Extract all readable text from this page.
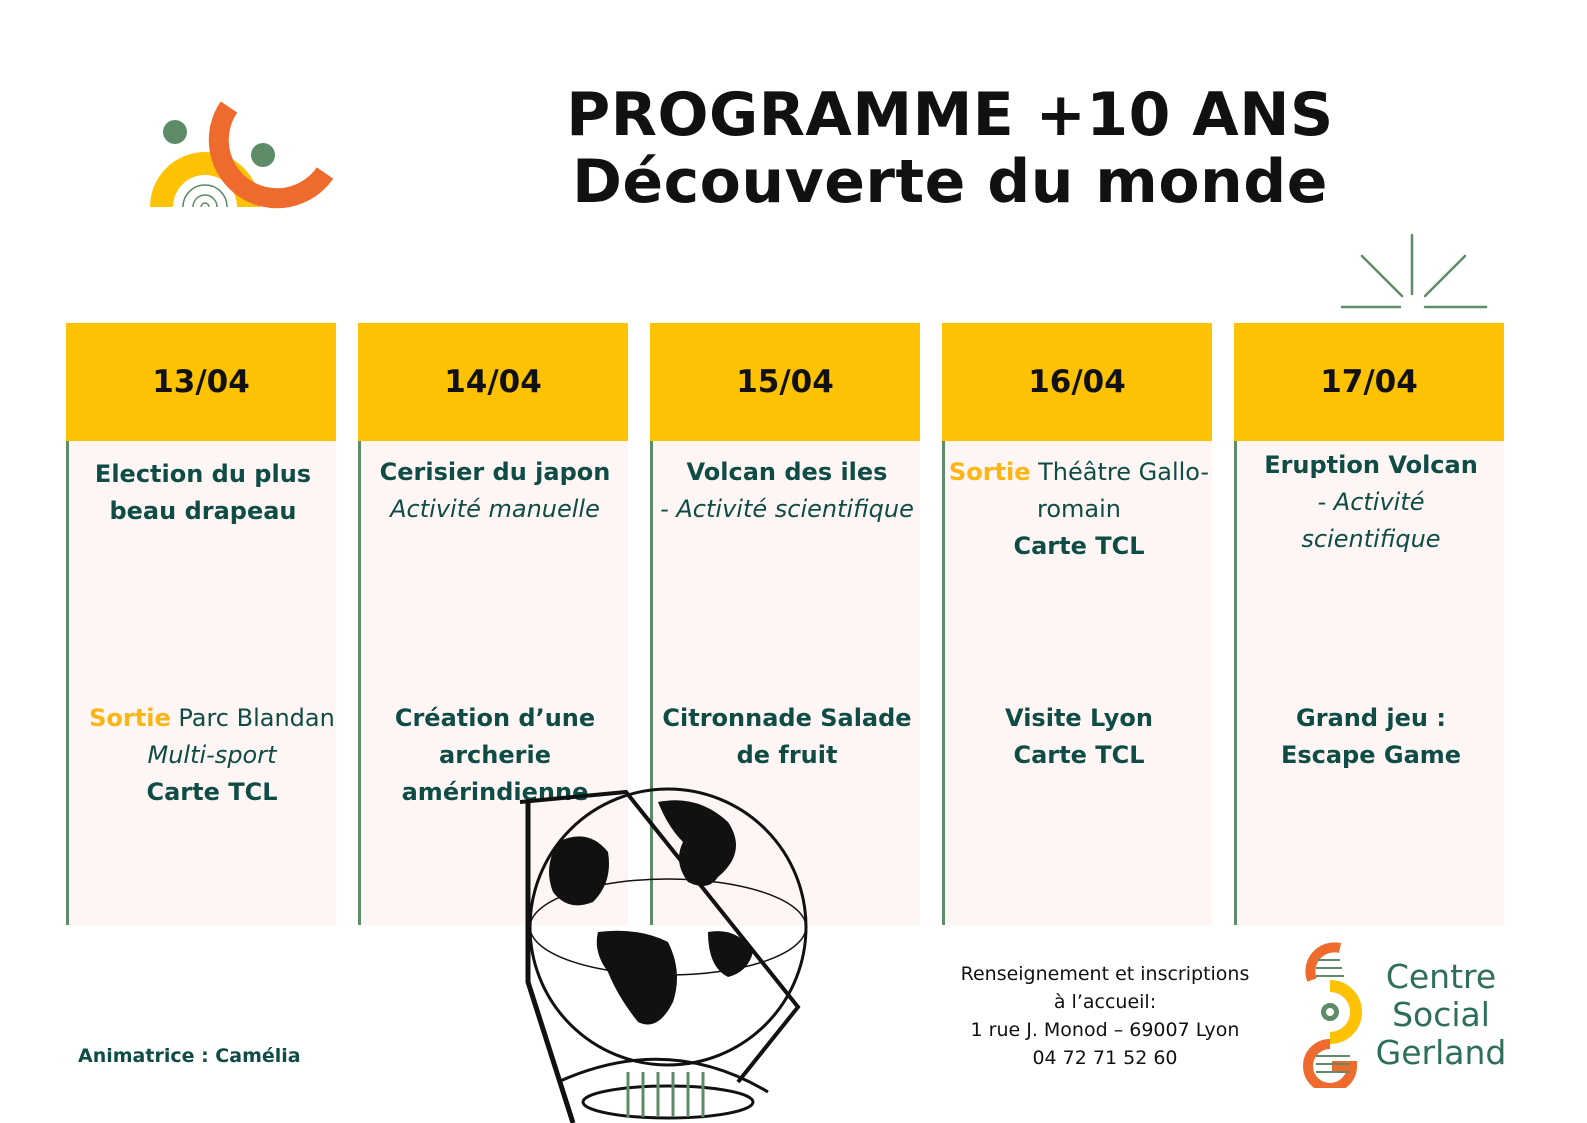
PROGRAMME +10 ANS
Découverte du monde
13/04
Election du plus
beau drapeau
Sortie Parc Blandan
Multi-sport
Carte TCL
14/04
Cerisier du japon
Activité manuelle
Création d’une
archerie
amérindienne
15/04
Volcan des iles
- Activité scientifique
Citronnade Salade
de fruit
16/04
Sortie Théâtre Gallo-
romain
Carte TCL
Visite Lyon
Carte TCL
17/04
Eruption Volcan
- Activité
scientifique
Grand jeu :
Escape Game
Renseignement et inscriptions
à l’accueil:
1 rue J. Monod – 69007 Lyon
04 72 71 52 60
Animatrice : Camélia
Centre
Social
Gerland
